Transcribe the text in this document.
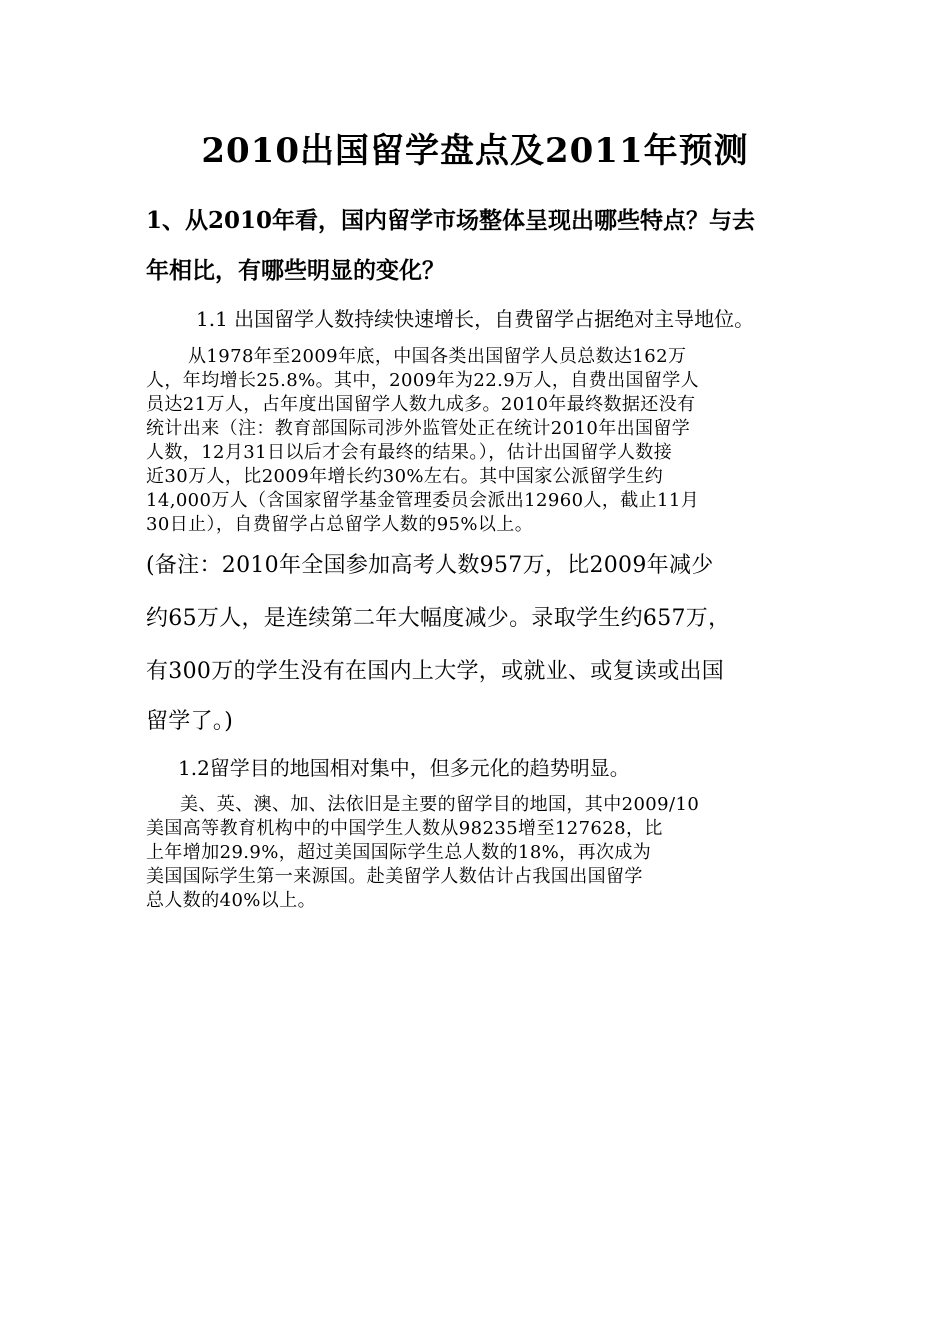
2010出国留学盘点及2011年预测
1、从2010年看，国内留学市场整体呈现出哪些特点？与去
年相比，有哪些明显的变化？
1.1 出国留学人数持续快速增长，自费留学占据绝对主导地位。

从1978年至2009年底，中国各类出国留学人员总数达162万

人，年均增长25.8%。其中，2009年为22.9万人，自费出国留学人

员达21万人，占年度出国留学人数九成多。2010年最终数据还没有

统计出来（注：教育部国际司涉外监管处正在统计2010年出国留学

人数，12月31日以后才会有最终的结果。），估计出国留学人数接

近30万人，比2009年增长约30%左右。其中国家公派留学生约

14,000万人（含国家留学基金管理委员会派出12960人，截止11月

30日止），自费留学占总留学人数的95%以上。

(备注：2010年全国参加高考人数957万，比2009年减少

约65万人，是连续第二年大幅度减少。录取学生约657万，

有300万的学生没有在国内上大学，或就业、或复读或出国

留学了。)

1.2留学目的地国相对集中，但多元化的趋势明显。

美、英、澳、加、法依旧是主要的留学目的地国，其中2009/10

美国高等教育机构中的中国学生人数从98235增至127628，比

上年增加29.9%，超过美国国际学生总人数的18%，再次成为

美国国际学生第一来源国。赴美留学人数估计占我国出国留学

总人数的40%以上。
